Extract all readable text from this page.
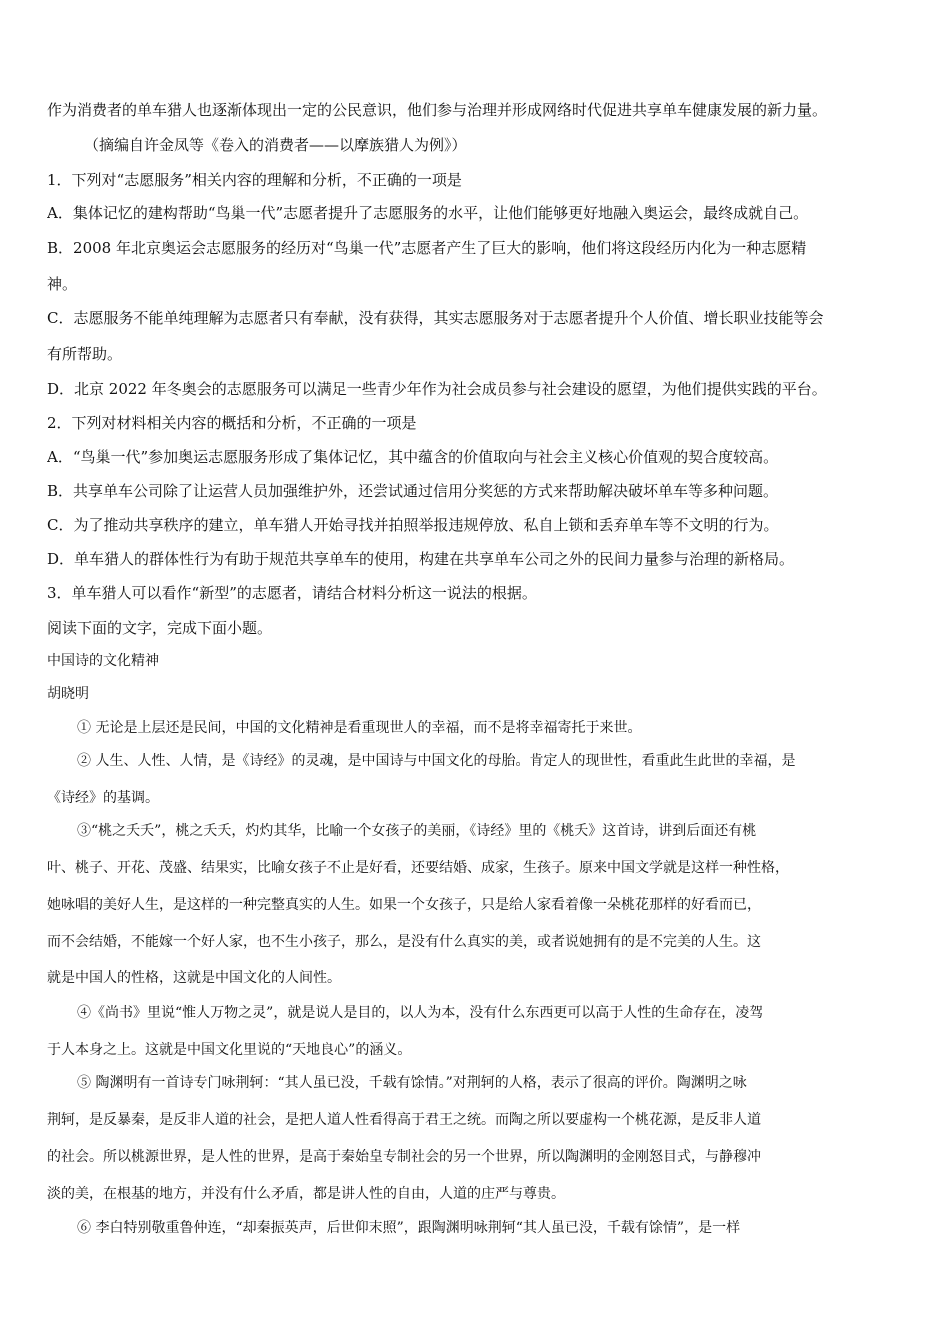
作为消费者的单车猎人也逐渐体现出一定的公民意识，他们参与治理并形成网络时代促进共享单车健康发展的新力量。
（摘编自许金凤等《卷入的消费者——以摩族猎人为例》）
1．下列对“志愿服务”相关内容的理解和分析，不正确的一项是
A．集体记忆的建构帮助“鸟巢一代”志愿者提升了志愿服务的水平，让他们能够更好地融入奥运会，最终成就自己。
B．2008 年北京奥运会志愿服务的经历对“鸟巢一代”志愿者产生了巨大的影响，他们将这段经历内化为一种志愿精
神。
C．志愿服务不能单纯理解为志愿者只有奉献，没有获得，其实志愿服务对于志愿者提升个人价值、增长职业技能等会
有所帮助。
D．北京 2022 年冬奥会的志愿服务可以满足一些青少年作为社会成员参与社会建设的愿望，为他们提供实践的平台。
2．下列对材料相关内容的概括和分析，不正确的一项是
A．“鸟巢一代”参加奥运志愿服务形成了集体记忆，其中蕴含的价值取向与社会主义核心价值观的契合度较高。
B．共享单车公司除了让运营人员加强维护外，还尝试通过信用分奖惩的方式来帮助解决破坏单车等多种问题。
C．为了推动共享秩序的建立，单车猎人开始寻找并拍照举报违规停放、私自上锁和丢弃单车等不文明的行为。
D．单车猎人的群体性行为有助于规范共享单车的使用，构建在共享单车公司之外的民间力量参与治理的新格局。
3．单车猎人可以看作“新型”的志愿者，请结合材料分析这一说法的根据。
阅读下面的文字，完成下面小题。
中国诗的文化精神
胡晓明
① 无论是上层还是民间，中国的文化精神是看重现世人的幸福，而不是将幸福寄托于来世。
② 人生、人性、人情，是《诗经》的灵魂，是中国诗与中国文化的母胎。肯定人的现世性，看重此生此世的幸福，是
《诗经》的基调。
③“桃之夭夭”，桃之夭夭，灼灼其华，比喻一个女孩子的美丽，《诗经》里的《桃夭》这首诗，讲到后面还有桃
叶、桃子、开花、茂盛、结果实，比喻女孩子不止是好看，还要结婚、成家，生孩子。原来中国文学就是这样一种性格，
她咏唱的美好人生，是这样的一种完整真实的人生。如果一个女孩子，只是给人家看着像一朵桃花那样的好看而已，
而不会结婚，不能嫁一个好人家，也不生小孩子，那么，是没有什么真实的美，或者说她拥有的是不完美的人生。这
就是中国人的性格，这就是中国文化的人间性。
④《尚书》里说“惟人万物之灵”，就是说人是目的，以人为本，没有什么东西更可以高于人性的生命存在，凌驾
于人本身之上。这就是中国文化里说的“天地良心”的涵义。
⑤ 陶渊明有一首诗专门咏荆轲：“其人虽已没，千载有馀情。”对荆轲的人格，表示了很高的评价。陶渊明之咏
荆轲，是反暴秦，是反非人道的社会，是把人道人性看得高于君王之统。而陶之所以要虚构一个桃花源，是反非人道
的社会。所以桃源世界，是人性的世界，是高于秦始皇专制社会的另一个世界，所以陶渊明的金刚怒目式，与静穆冲
淡的美，在根基的地方，并没有什么矛盾，都是讲人性的自由，人道的庄严与尊贵。
⑥ 李白特别敬重鲁仲连，“却秦振英声，后世仰末照”，跟陶渊明咏荆轲“其人虽已没，千载有馀情”，是一样
